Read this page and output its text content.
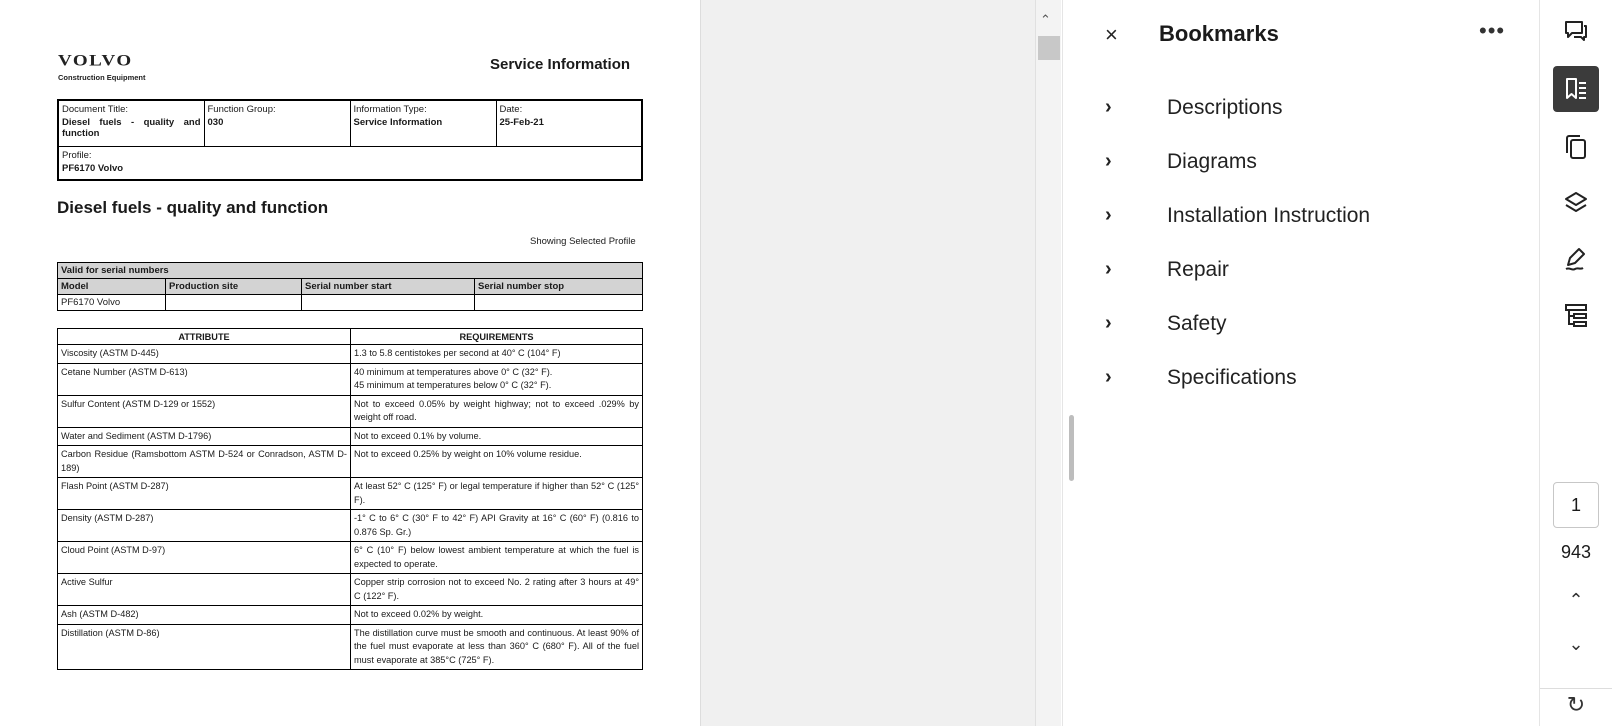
VOLVO
Construction Equipment
Service Information
Document Title:
Diesel fuels - quality and function

Function Group:
030

Information Type:
Service Information

Date:
25-Feb-21

Profile:
PF6170 Volvo
Diesel fuels - quality and function
Showing Selected Profile
Valid for serial numbers			
Model	Production site	Serial number start	Serial number stop
PF6170 Volvo			
ATTRIBUTE	REQUIREMENTS
Viscosity (ASTM D-445)	1.3 to 5.8 centistokes per second at 40° C (104° F)
Cetane Number (ASTM D-613)	40 minimum at temperatures above 0° C (32° F).
45 minimum at temperatures below 0° C (32° F).
Sulfur Content (ASTM D-129 or 1552)	Not to exceed 0.05% by weight highway; not to exceed .029% by weight off road.
Water and Sediment (ASTM D-1796)	Not to exceed 0.1% by volume.
Carbon Residue (Ramsbottom ASTM D-524 or Conradson, ASTM D-189)	Not to exceed 0.25% by weight on 10% volume residue.
Flash Point (ASTM D-287)	At least 52° C (125° F) or legal temperature if higher than 52° C (125° F).
Density (ASTM D-287)	-1° C to 6° C (30° F to 42° F) API Gravity at 16° C (60° F) (0.816 to 0.876 Sp. Gr.)
Cloud Point (ASTM D-97)	6° C (10° F) below lowest ambient temperature at which the fuel is expected to operate.
Active Sulfur	Copper strip corrosion not to exceed No. 2 rating after 3 hours at 49° C (122° F).
Ash (ASTM D-482)	Not to exceed 0.02% by weight.
Distillation (ASTM D-86)	The distillation curve must be smooth and continuous. At least 90% of the fuel must evaporate at less than 360° C (680° F). All of the fuel must evaporate at 385°C (725° F).
⌃
× Bookmarks	•••
›	Descriptions
›	Diagrams
›	Installation Instruction
›	Repair
›	Safety
›	Specifications
1
943
⌃
⌄
↻
